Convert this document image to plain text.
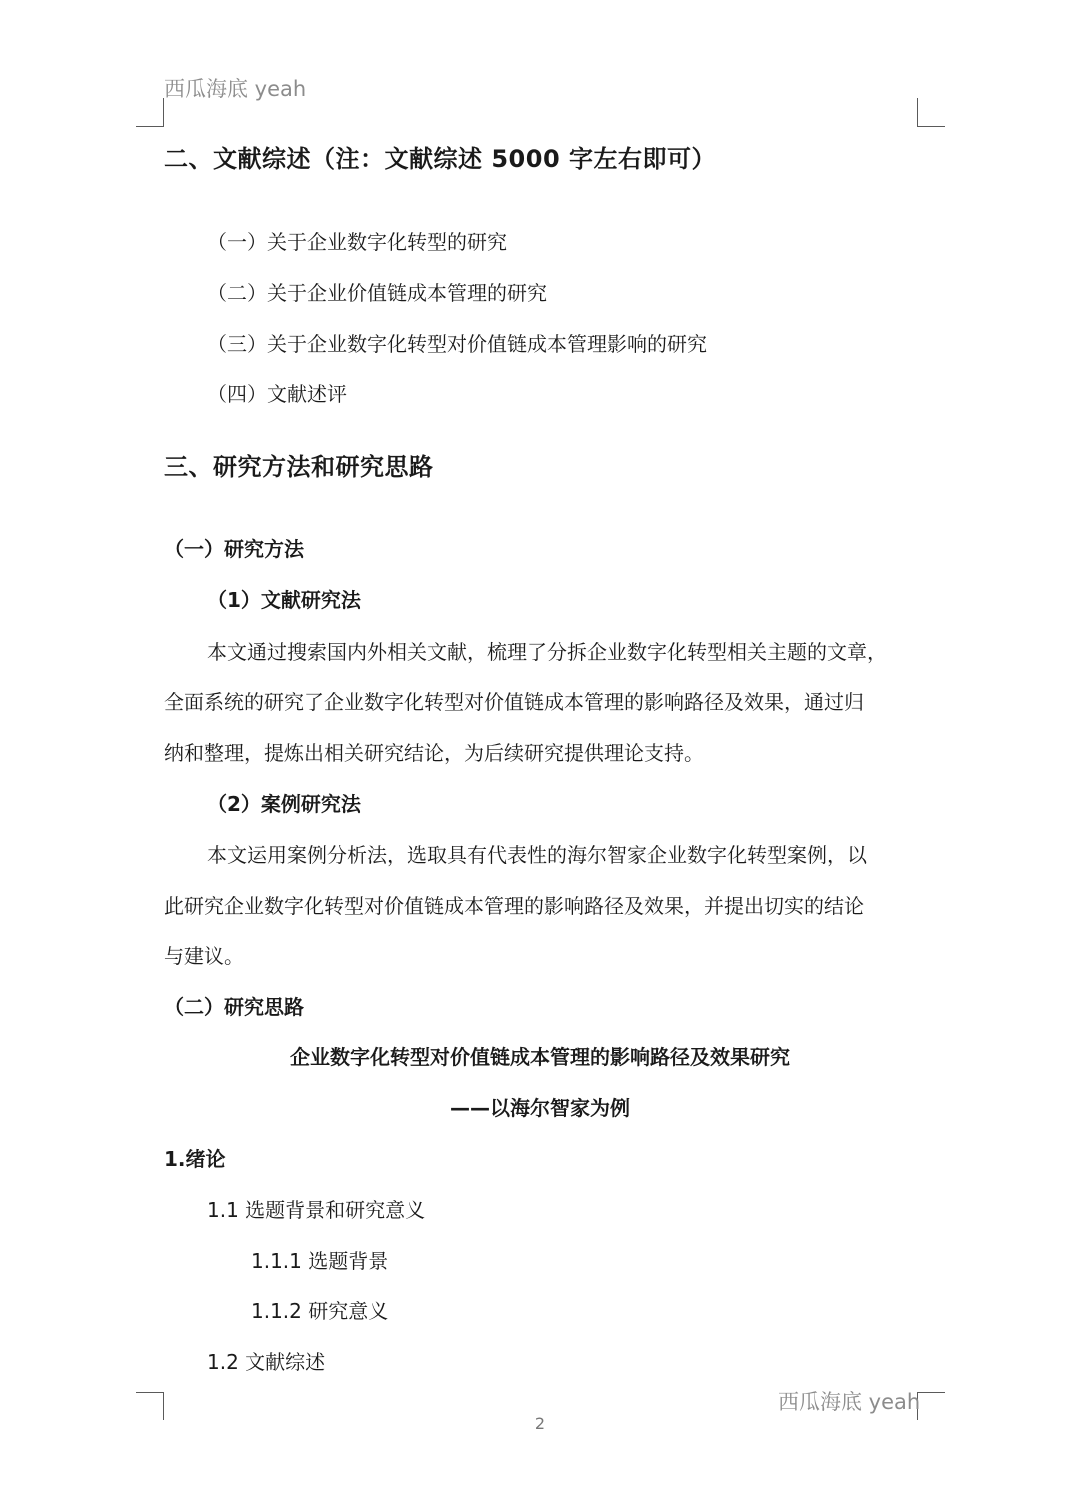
西瓜海底 yeah
西瓜海底 yeah
二、文献综述（注：文献综述 5000 字左右即可）
（一）关于企业数字化转型的研究
（二）关于企业价值链成本管理的研究
（三）关于企业数字化转型对价值链成本管理影响的研究
（四）文献述评
三、研究方法和研究思路
（一）研究方法
（1）文献研究法
本文通过搜索国内外相关文献，梳理了分拆企业数字化转型相关主题的文章，
全面系统的研究了企业数字化转型对价值链成本管理的影响路径及效果，通过归
纳和整理，提炼出相关研究结论，为后续研究提供理论支持。
（2）案例研究法
本文运用案例分析法，选取具有代表性的海尔智家企业数字化转型案例，以
此研究企业数字化转型对价值链成本管理的影响路径及效果，并提出切实的结论
与建议。
（二）研究思路
企业数字化转型对价值链成本管理的影响路径及效果研究
——以海尔智家为例
1.绪论
1.1 选题背景和研究意义
1.1.1 选题背景
1.1.2 研究意义
1.2 文献综述
2
